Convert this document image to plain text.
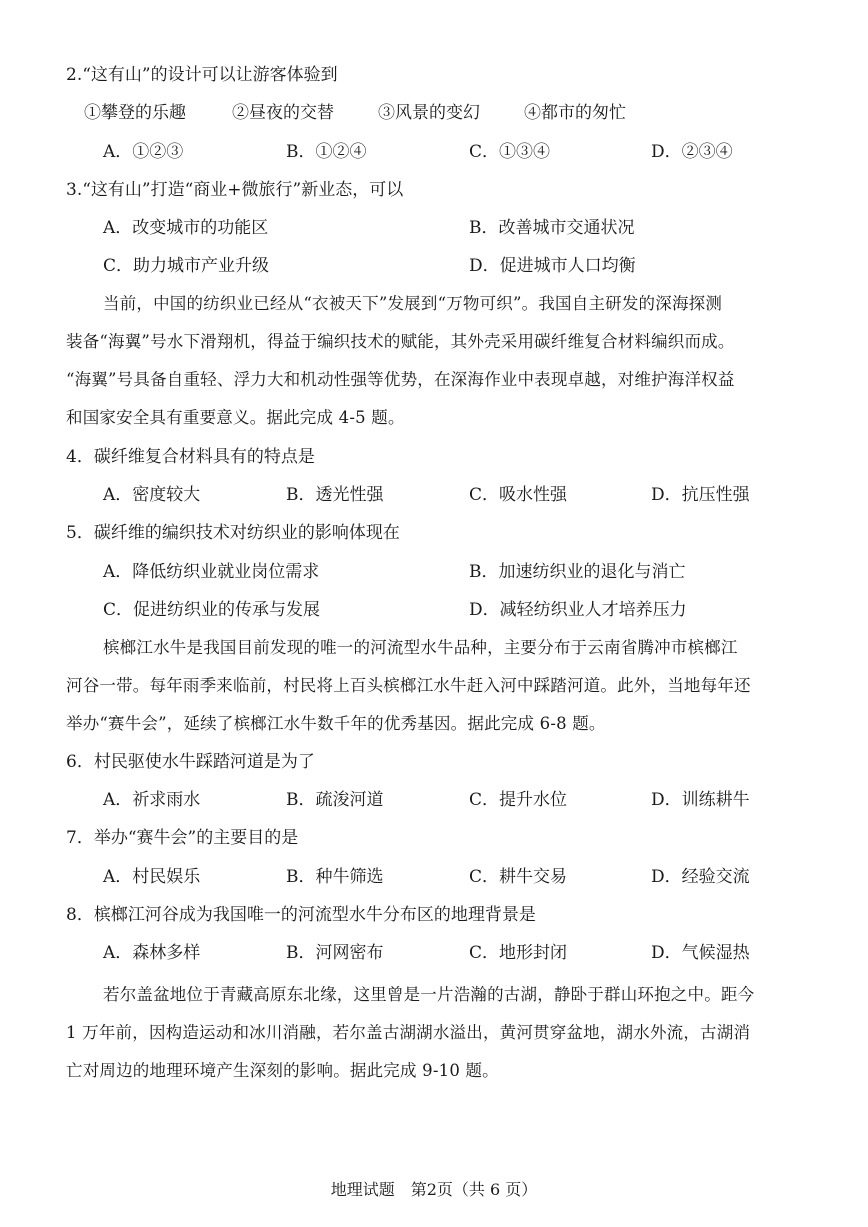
2.“这有山”的设计可以让游客体验到
①攀登的乐趣	②昼夜的交替	③风景的变幻	④都市的匆忙
A．①②③	B．①②④	C．①③④	D．②③④
3.“这有山”打造“商业+微旅行”新业态，可以
A．改变城市的功能区	B．改善城市交通状况
C．助力城市产业升级	D．促进城市人口均衡
当前，中国的纺织业已经从“衣被天下”发展到“万物可织”。我国自主研发的深海探测
装备“海翼”号水下滑翔机，得益于编织技术的赋能，其外壳采用碳纤维复合材料编织而成。
“海翼”号具备自重轻、浮力大和机动性强等优势，在深海作业中表现卓越，对维护海洋权益
和国家安全具有重要意义。据此完成 4-5 题。
4．碳纤维复合材料具有的特点是
A．密度较大	B．透光性强	C．吸水性强	D．抗压性强
5．碳纤维的编织技术对纺织业的影响体现在
A．降低纺织业就业岗位需求	B．加速纺织业的退化与消亡
C．促进纺织业的传承与发展	D．减轻纺织业人才培养压力
槟榔江水牛是我国目前发现的唯一的河流型水牛品种，主要分布于云南省腾冲市槟榔江
河谷一带。每年雨季来临前，村民将上百头槟榔江水牛赶入河中踩踏河道。此外，当地每年还
举办“赛牛会”，延续了槟榔江水牛数千年的优秀基因。据此完成 6-8 题。
6．村民驱使水牛踩踏河道是为了
A．祈求雨水	B．疏浚河道	C．提升水位	D．训练耕牛
7．举办“赛牛会”的主要目的是
A．村民娱乐	B．种牛筛选	C．耕牛交易	D．经验交流
8．槟榔江河谷成为我国唯一的河流型水牛分布区的地理背景是
A．森林多样	B．河网密布	C．地形封闭	D．气候湿热
若尔盖盆地位于青藏高原东北缘，这里曾是一片浩瀚的古湖，静卧于群山环抱之中。距今
1 万年前，因构造运动和冰川消融，若尔盖古湖湖水溢出，黄河贯穿盆地，湖水外流，古湖消
亡对周边的地理环境产生深刻的影响。据此完成 9-10 题。
地理试题　第2页（共 6 页）
